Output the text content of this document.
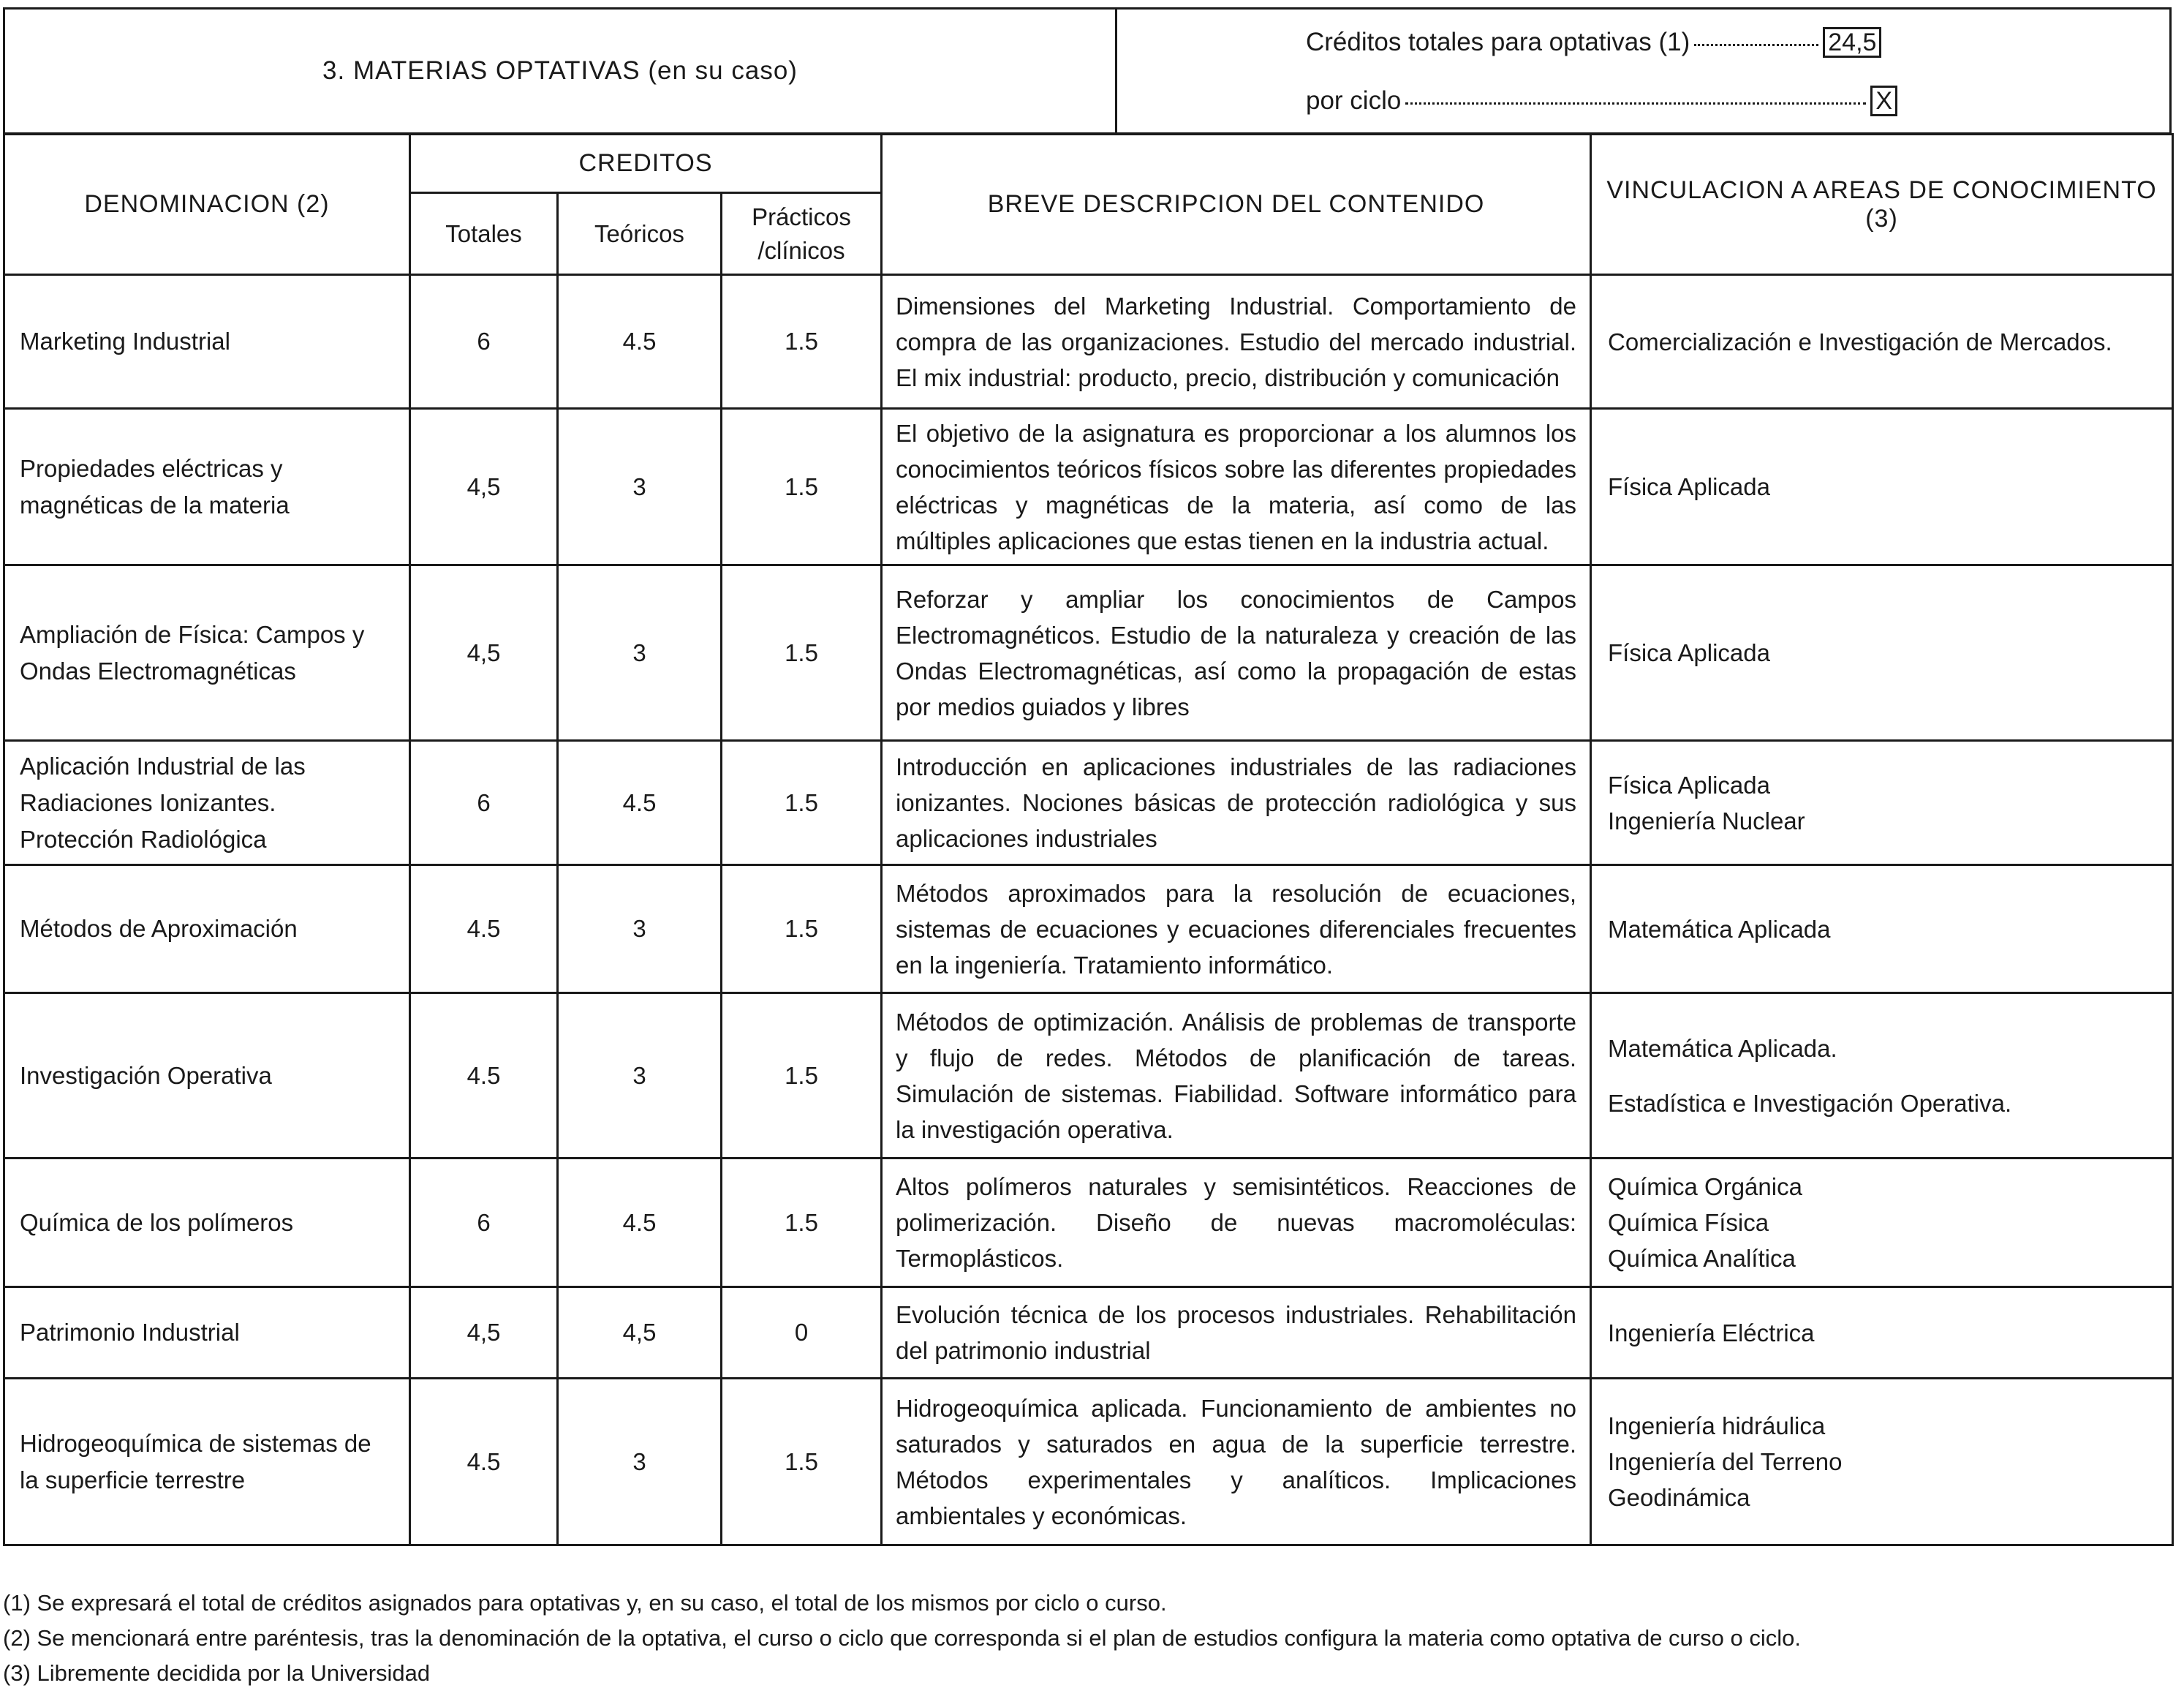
3. MATERIAS OPTATIVAS (en su caso)
Créditos totales para optativas (1)	24,5
por ciclo	X
DENOMINACION (2)	CREDITOS			BREVE DESCRIPCION DEL CONTENIDO	VINCULACION A AREAS DE CONOCIMIENTO (3)
	Totales	Teóricos	Prácticos /clínicos		
Marketing Industrial	6	4.5	1.5	Dimensiones del Marketing Industrial. Comportamiento de compra de las organizaciones. Estudio del mercado industrial. El mix industrial: producto, precio, distribución y comunicación	Comercialización e Investigación de Mercados.

Propiedades eléctricas y magnéticas de la materia	4,5	3	1.5	El objetivo de la asignatura es proporcionar a los alumnos los conocimientos teóricos físicos sobre las diferentes propiedades eléctricas y magnéticas de la materia, así como de las múltiples aplicaciones que estas tienen en la industria actual.	Física Aplicada

Ampliación de Física: Campos y Ondas Electromagnéticas	4,5	3	1.5	Reforzar y ampliar los conocimientos de Campos Electromagnéticos. Estudio de la naturaleza y creación de las Ondas Electromagnéticas, así como la propagación de estas por medios guiados y libres	Física Aplicada

Aplicación Industrial de las Radiaciones Ionizantes. Protección Radiológica	6	4.5	1.5	Introducción en aplicaciones industriales de las radiaciones ionizantes. Nociones básicas de protección radiológica y sus aplicaciones industriales	Física Aplicada
Ingeniería Nuclear

Métodos de Aproximación	4.5	3	1.5	Métodos aproximados para la resolución de ecuaciones, sistemas de ecuaciones y ecuaciones diferenciales frecuentes en la ingeniería. Tratamiento informático.	Matemática Aplicada

Investigación Operativa	4.5	3	1.5	Métodos de optimización. Análisis de problemas de transporte y flujo de redes. Métodos de planificación de tareas. Simulación de sistemas. Fiabilidad. Software informático para la investigación operativa.	Matemática Aplicada.
Estadística e Investigación Operativa.

Química de los polímeros	6	4.5	1.5	Altos polímeros naturales y semisintéticos. Reacciones de polimerización. Diseño de nuevas macromoléculas: Termoplásticos.	Química Orgánica
Química Física
Química Analítica

Patrimonio Industrial	4,5	4,5	0	Evolución técnica de los procesos industriales. Rehabilitación del patrimonio industrial	Ingeniería Eléctrica

Hidrogeoquímica de sistemas de la superficie terrestre	4.5	3	1.5	Hidrogeoquímica aplicada. Funcionamiento de ambientes no saturados y saturados en agua de la superficie terrestre. Métodos experimentales y analíticos. Implicaciones ambientales y económicas.	Ingeniería hidráulica
Ingeniería del Terreno
Geodinámica
(1) Se expresará el total de créditos asignados para optativas y, en su caso, el total de los mismos por ciclo o curso.
(2) Se mencionará entre paréntesis, tras la denominación de la optativa, el curso o ciclo que corresponda si el plan de estudios configura la materia como optativa de curso o ciclo.
(3) Libremente decidida por la Universidad
